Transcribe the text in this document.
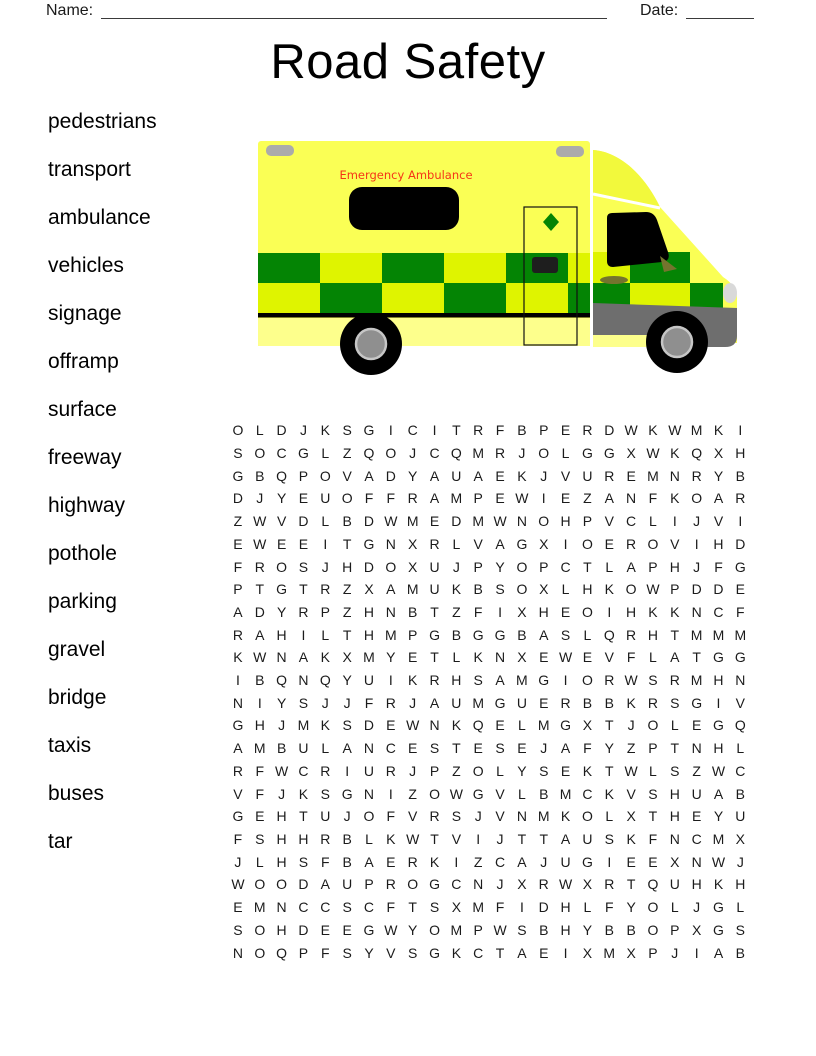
Name:	Date:
Road Safety
pedestrians
transport
ambulance
vehicles
signage
offramp
surface
freeway
highway
pothole
parking
gravel
bridge
taxis
buses
tar
Emergency Ambulance
O L D J K S G	I	C	I	T R F B P E R D W K W M K	I
S O C G L Z Q O J C Q M R J O L G G X W K Q X H
G B Q P O V A D Y A U A E K J V U R E M N R Y B
D J Y E U O F F R A M P E W I	E Z A N F K O A R
Z W V D L B D W M E D M W N O H P V C L	I	J V	I
E W E E	I	T G N X R L V A G X	I	O E R O V	I	H D
F R O S J H D O X U J P Y O P C T L A P H J	F G
P T G T R Z X A M U K B S O X L H K O W P D D E
A D Y R P Z H N B T Z F	I	X H E O	I	H K K N C F
R A H	I	L T H M P G B G G B A S L Q R H T M M M
K W N A K X M Y E T L K N X E W E V F L A T G G
I	B Q N Q Y U	I	K R H S A M G	I	O R W S R M H N
N	I	Y S J	J	F R J A U M G U E R B B K R S G	I	V
G H J M K S D E W N K Q E L M G X T	J O L E G Q
A M B U L A N C E S T E S E J A F Y Z P T N H L
R F W C R	I	U R J P Z O L Y S E K T W L S Z W C
V F	J K S G N	I	Z O W G V L B M C K V S H U A B
G E H T U J O F V R S J V N M K O L X T H E Y U
F S H H R B L K W T V	I	J	T T A U S K F N C M X
J	L H S F B A E R K	I	Z C A J U G	I	E E X N W J
W O O D A U P R O G C N J X R W X R T Q U H K H
E M N C C S C F T S X M F	I	D H L F Y O L	J G L
S O H D E E G W Y O M P W S B H Y B B O P X G S
N O Q P F S Y V S G K C T A E	I	X M X P J	I	A B
